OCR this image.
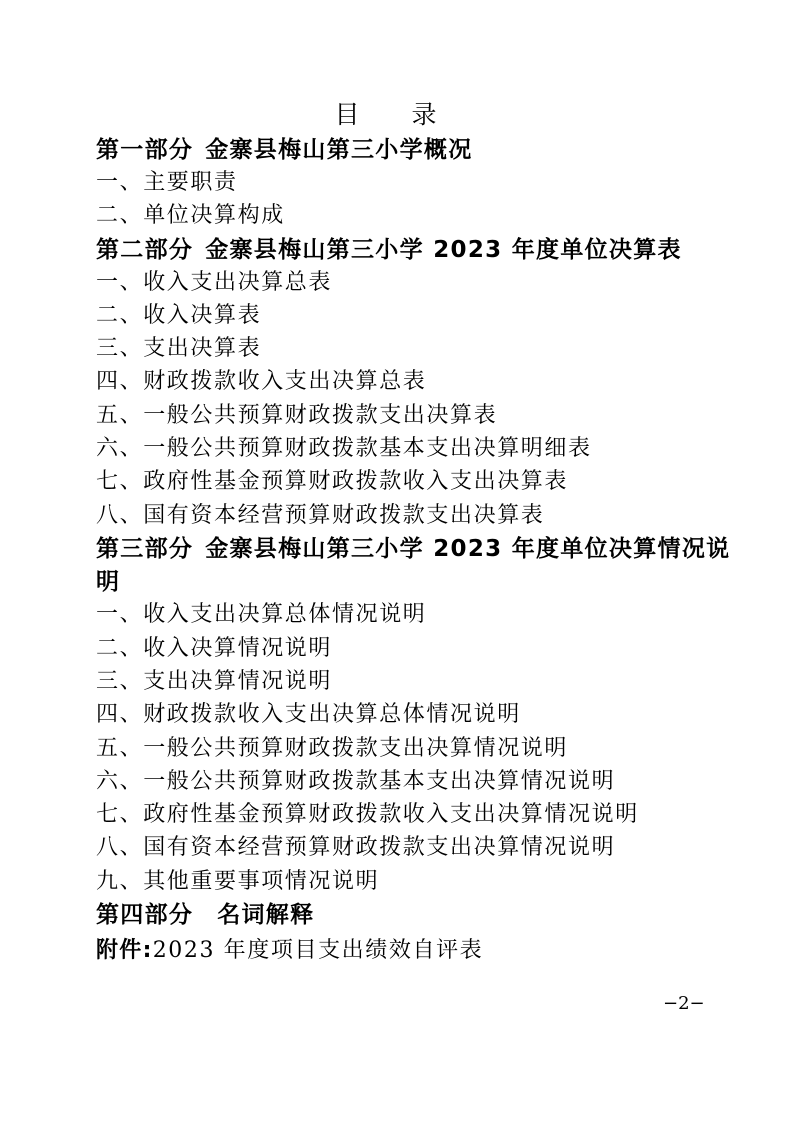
目 录
第一部分 金寨县梅山第三小学概况
一、主要职责
二、单位决算构成
第二部分 金寨县梅山第三小学 2023 年度单位决算表
一、收入支出决算总表
二、收入决算表
三、支出决算表
四、财政拨款收入支出决算总表
五、一般公共预算财政拨款支出决算表
六、一般公共预算财政拨款基本支出决算明细表
七、政府性基金预算财政拨款收入支出决算表
八、国有资本经营预算财政拨款支出决算表
第三部分 金寨县梅山第三小学 2023 年度单位决算情况说
明
一、收入支出决算总体情况说明
二、收入决算情况说明
三、支出决算情况说明
四、财政拨款收入支出决算总体情况说明
五、一般公共预算财政拨款支出决算情况说明
六、一般公共预算财政拨款基本支出决算情况说明
七、政府性基金预算财政拨款收入支出决算情况说明
八、国有资本经营预算财政拨款支出决算情况说明
九、其他重要事项情况说明
第四部分 名词解释
附件:2023 年度项目支出绩效自评表
−2−
